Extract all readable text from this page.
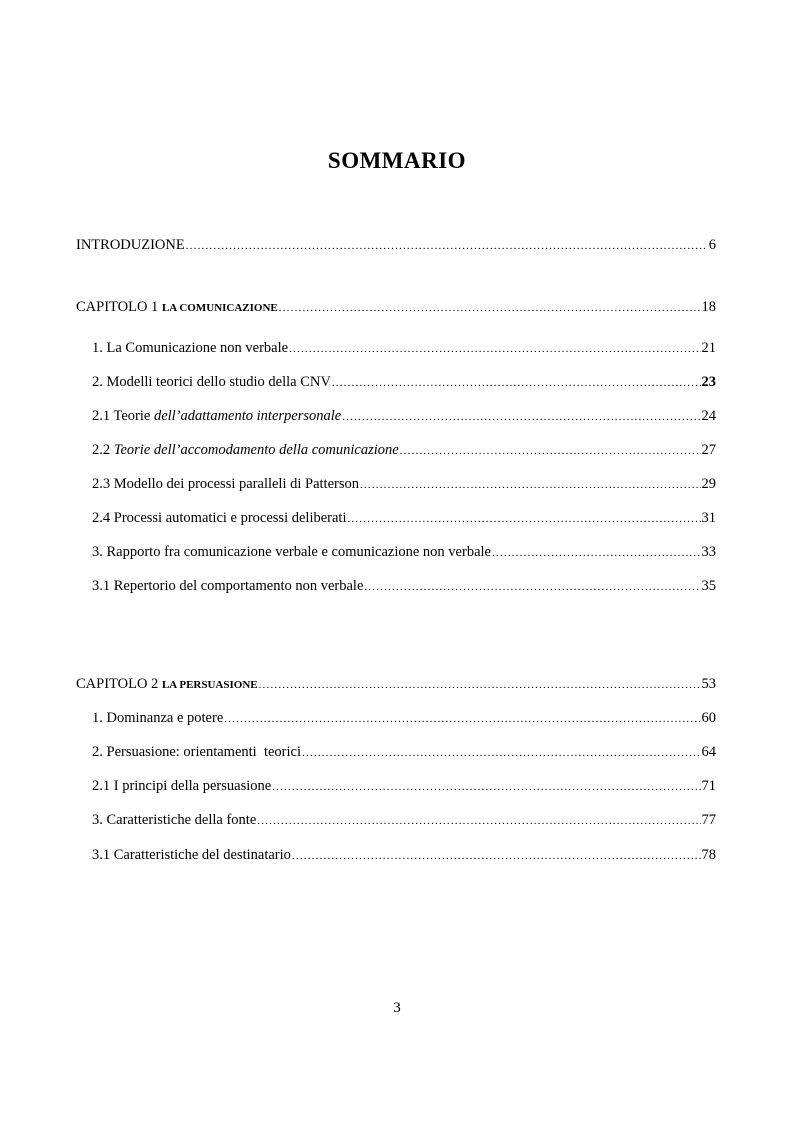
SOMMARIO
INTRODUZIONE .....	6
CAPITOLO 1 LA COMUNICAZIONE .....	18
1. La Comunicazione non verbale .....	21
2. Modelli teorici dello studio della CNV .....	23
2.1 Teorie dell’adattamento interpersonale .....	24
2.2 Teorie dell’accomodamento della comunicazione .....	27
2.3 Modello dei processi paralleli di Patterson .....	29
2.4 Processi automatici e processi deliberati .....	31
3. Rapporto fra comunicazione verbale e comunicazione non verbale .....	33
3.1 Repertorio del comportamento non verbale .....	35
CAPITOLO 2 LA PERSUASIONE .....	53
1. Dominanza e potere .....	60
2. Persuasione: orientamenti  teorici .....	64
2.1 I principi della persuasione .....	71
3. Caratteristiche della fonte .....	77
3.1 Caratteristiche del destinatario .....	78
3
